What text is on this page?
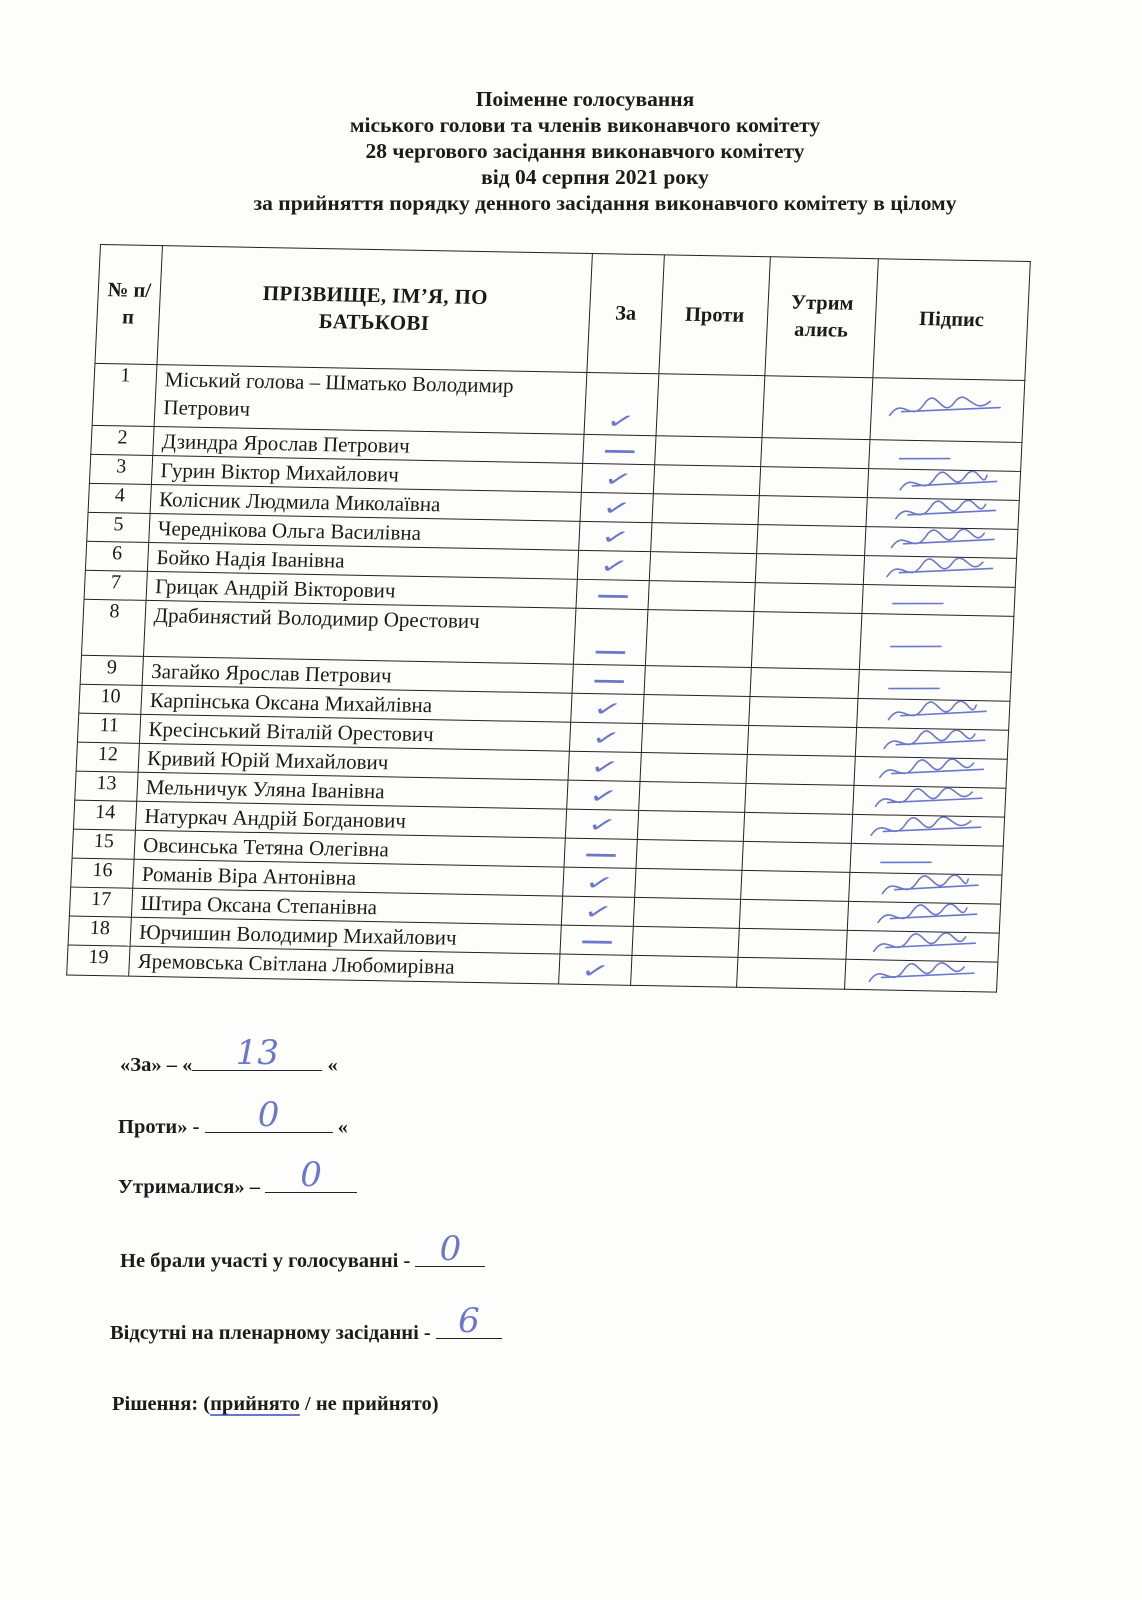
Поіменне голосування
міського голови та членів виконавчого комітету
28 чергового засідання виконавчого комітету
від 04 серпня 2021 року
за прийняття порядку денного засідання виконавчого комітету в цілому
№ п/п	ПРІЗВИЩЕ, ІМ’Я, ПО БАТЬКОВІ	За	Проти	Утрим ались	Підпис
1	Міський голова – Шматько Володимир Петрович	✓			

2	Дзиндра Ярослав Петрович	—			

3	Гурин Віктор Михайлович	✓			

4	Колісник Людмила Миколаївна	✓			

5	Череднікова Ольга Василівна	✓			

6	Бойко Надія Іванівна	✓			

7	Грицак Андрій Вікторович	—			

8	Драбинястий Володимир Орестович	—			

9	Загайко Ярослав Петрович	—			

10	Карпінська Оксана Михайлівна	✓			

11	Кресінський Віталій Орестович	✓			

12	Кривий Юрій Михайлович	✓			

13	Мельничук Уляна Іванівна	✓			

14	Натуркач Андрій Богданович	✓			

15	Овсинська Тетяна Олегівна	—			

16	Романів Віра Антонівна	✓			

17	Штира Оксана Степанівна	✓			

18	Юрчишин Володимир Михайлович	—			

19	Яремовська Світлана Любомирівна	✓			
«За» – «	13	«
Проти» -	0	«
Утрималися» –	0
Не брали участі у голосуванні - 0
Відсутні на пленарному засіданні - 6
Рішення: (прийнято / не прийнято)
